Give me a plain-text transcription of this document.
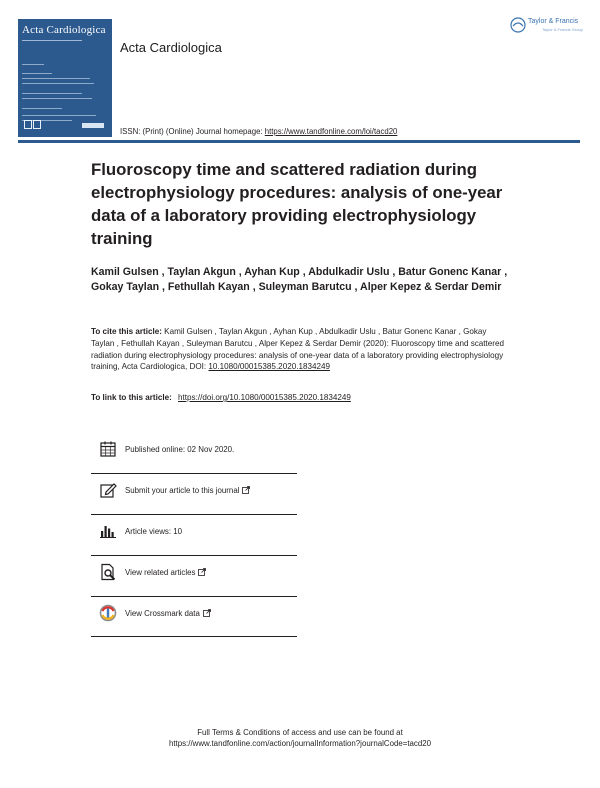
Acta Cardiologica
Acta Cardiologica
Taylor & Francis
Taylor & Francis Group
ISSN: (Print) (Online) Journal homepage: https://www.tandfonline.com/loi/tacd20
Fluoroscopy time and scattered radiation during electrophysiology procedures: analysis of one-year data of a laboratory providing electrophysiology training

Kamil Gulsen , Taylan Akgun , Ayhan Kup , Abdulkadir Uslu , Batur Gonenc Kanar , Gokay Taylan , Fethullah Kayan , Suleyman Barutcu , Alper Kepez & Serdar Demir

To cite this article: Kamil Gulsen , Taylan Akgun , Ayhan Kup , Abdulkadir Uslu , Batur Gonenc Kanar , Gokay Taylan , Fethullah Kayan , Suleyman Barutcu , Alper Kepez & Serdar Demir (2020): Fluoroscopy time and scattered radiation during electrophysiology procedures: analysis of one-year data of a laboratory providing electrophysiology training, Acta Cardiologica, DOI: 10.1080/00015385.2020.1834249

To link to this article: https://doi.org/10.1080/00015385.2020.1834249

Published online: 02 Nov 2020.
Submit your article to this journal
Article views: 10
View related articles
View Crossmark data
Full Terms & Conditions of access and use can be found at
https://www.tandfonline.com/action/journalInformation?journalCode=tacd20
